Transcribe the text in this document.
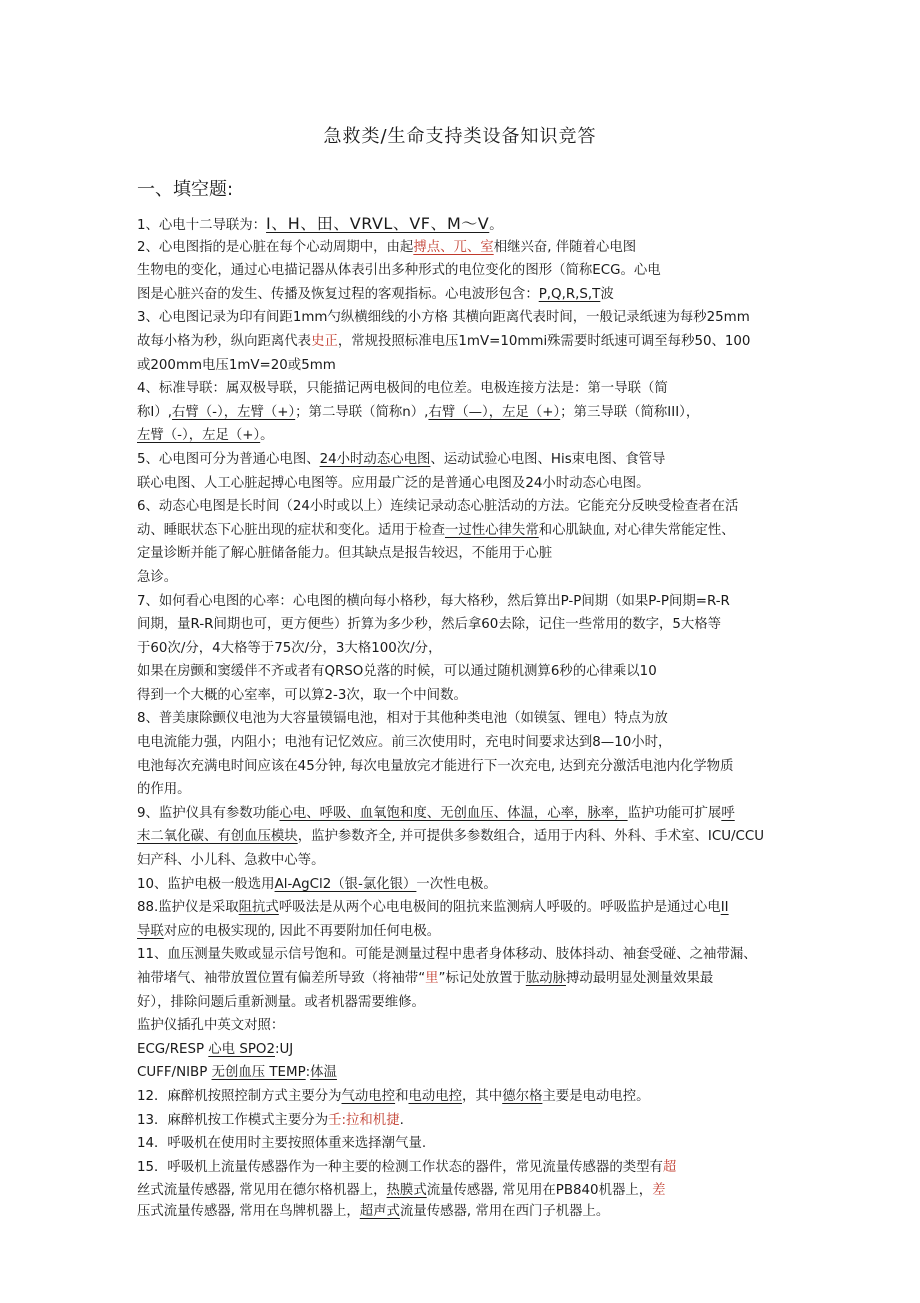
急救类/生命支持类设备知识竞答
一、填空题:
1、心电十二导联为：I、H、田、VRVL、VF、M～V。
2、心电图指的是心脏在每个心动周期中，由起搏点、兀、室相继兴奋, 伴随着心电图
生物电的变化，通过心电描记器从体表引出多种形式的电位变化的图形（简称ECG。心电
图是心脏兴奋的发生、传播及恢复过程的客观指标。心电波形包含：P,Q,R,S,T波
3、心电图记录为印有间距1mm勺纵横细线的小方格 其横向距离代表时间，一般记录纸速为每秒25mm
故每小格为秒，纵向距离代表史正，常规投照标准电压1mV=10mmi殊需要时纸速可调至每秒50、100
或200mm电压1mV=20或5mm
4、标准导联：属双极导联，只能描记两电极间的电位差。电极连接方法是：第一导联（简
称I）,右臂（-），左臂（+）；第二导联（简称n）,右臂（—），左足（+）；第三导联（简称III），
左臂（-），左足（+）。
5、心电图可分为普通心电图、24小时动态心电图、运动试验心电图、His束电图、食管导
联心电图、人工心脏起搏心电图等。应用最广泛的是普通心电图及24小时动态心电图。
6、动态心电图是长时间（24小时或以上）连续记录动态心脏活动的方法。它能充分反映受检查者在活
动、睡眠状态下心脏出现的症状和变化。适用于检查一过性心律失常和心肌缺血, 对心律失常能定性、
定量诊断并能了解心脏储备能力。但其缺点是报告较迟，不能用于心脏
急诊。
7、如何看心电图的心率：心电图的横向每小格秒，每大格秒，然后算出P-P间期（如果P-P间期=R-R
间期，量R-R间期也可，更方便些）折算为多少秒，然后拿60去除，记住一些常用的数字，5大格等
于60次/分，4大格等于75次/分，3大格100次/分，
如果在房颤和窦缓伴不齐或者有QRSO兑落的时候，可以通过随机测算6秒的心律乘以10
得到一个大概的心室率，可以算2-3次，取一个中间数。
8、普美康除颤仪电池为大容量镆镉电池，相对于其他种类电池（如镆氢、锂电）特点为放
电电流能力强，内阻小；电池有记忆效应。前三次使用时，充电时间要求达到8—10小时，
电池每次充满电时间应该在45分钟, 每次电量放完才能进行下一次充电, 达到充分激活电池内化学物质
的作用。
9、监护仪具有参数功能心电、呼吸、血氧饱和度、无创血压、体温，心率，脉率，监护功能可扩展呼
末二氧化碳、有创血压模块，监护参数齐全, 并可提供多参数组合，适用于内科、外科、手术室、ICU/CCU
妇产科、小儿科、急救中心等。
10、监护电极一般选用Al-AgCl2（银-氯化银）一次性电极。
88.监护仪是采取阻抗式呼吸法是从两个心电电极间的阻抗来监测病人呼吸的。呼吸监护是通过心电II
导联对应的电极实现的, 因此不再要附加任何电极。
11、血压测量失败或显示信号饱和。可能是测量过程中患者身体移动、肢体抖动、袖套受碰、之袖带漏、
袖带堵气、袖带放置位置有偏差所导致（将袖带“里”标记处放置于肱动脉搏动最明显处测量效果最
好），排除问题后重新测量。或者机器需要维修。
监护仪插孔中英文对照：
ECG/RESP 心电 SPO2:UJ
CUFF/NIBP 无创血压 TEMP:体温
12．麻醉机按照控制方式主要分为气动电控和电动电控，其中德尔格主要是电动电控。
13．麻醉机按工作模式主要分为壬:拉和机捷.
14．呼吸机在使用时主要按照体重来选择潮气量.
15．呼吸机上流量传感器作为一种主要的检测工作状态的器件，常见流量传感器的类型有超
丝式流量传感器, 常见用在德尔格机器上，热膜式流量传感器, 常见用在PB840机器上，差
压式流量传感器, 常用在鸟牌机器上，超声式流量传感器, 常用在西门子机器上。
